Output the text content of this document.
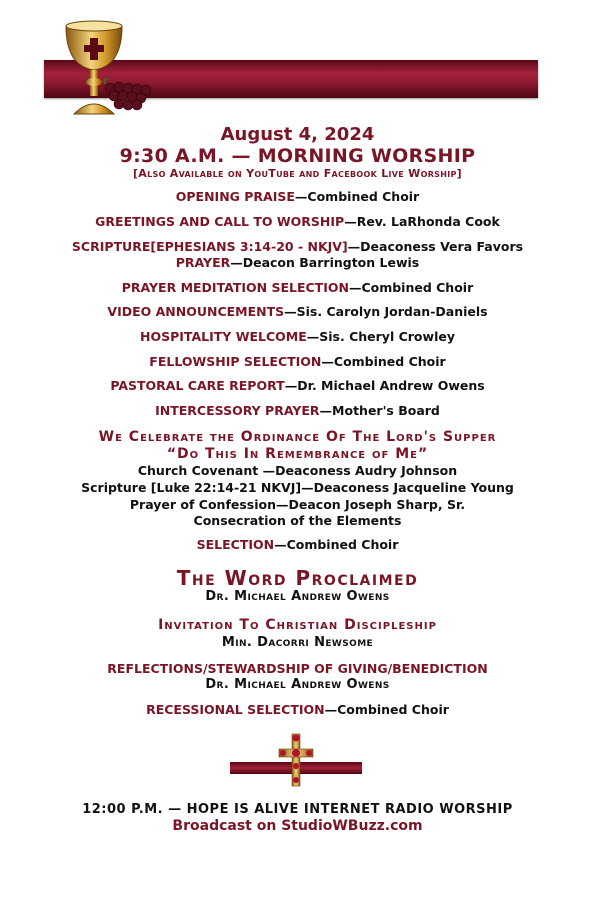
August 4, 2024
9:30 A.M. — MORNING WORSHIP
[Also Available on YouTube and Facebook Live Worship]
OPENING PRAISE—Combined Choir
GREETINGS AND CALL TO WORSHIP—Rev. LaRhonda Cook
SCRIPTURE[EPHESIANS 3:14-20 - NKJV]—Deaconess Vera Favors
PRAYER—Deacon Barrington Lewis
PRAYER MEDITATION SELECTION—Combined Choir
VIDEO ANNOUNCEMENTS—Sis. Carolyn Jordan-Daniels
HOSPITALITY WELCOME—Sis. Cheryl Crowley
FELLOWSHIP SELECTION—Combined Choir
PASTORAL CARE REPORT—Dr. Michael Andrew Owens
INTERCESSORY PRAYER—Mother's Board
We Celebrate the Ordinance Of The Lord's Supper
“Do This In Remembrance of Me”
Church Covenant —Deaconess Audry Johnson
Scripture [Luke 22:14-21 NKVJ]—Deaconess Jacqueline Young
Prayer of Confession—Deacon Joseph Sharp, Sr.
Consecration of the Elements
SELECTION—Combined Choir
The Word Proclaimed
Dr. Michael Andrew Owens
Invitation To Christian Discipleship
Min. Dacorri Newsome
REFLECTIONS/STEWARDSHIP OF GIVING/BENEDICTION
Dr. Michael Andrew Owens
RECESSIONAL SELECTION—Combined Choir
12:00 P.M. — HOPE IS ALIVE INTERNET RADIO WORSHIP
Broadcast on StudioWBuzz.com
